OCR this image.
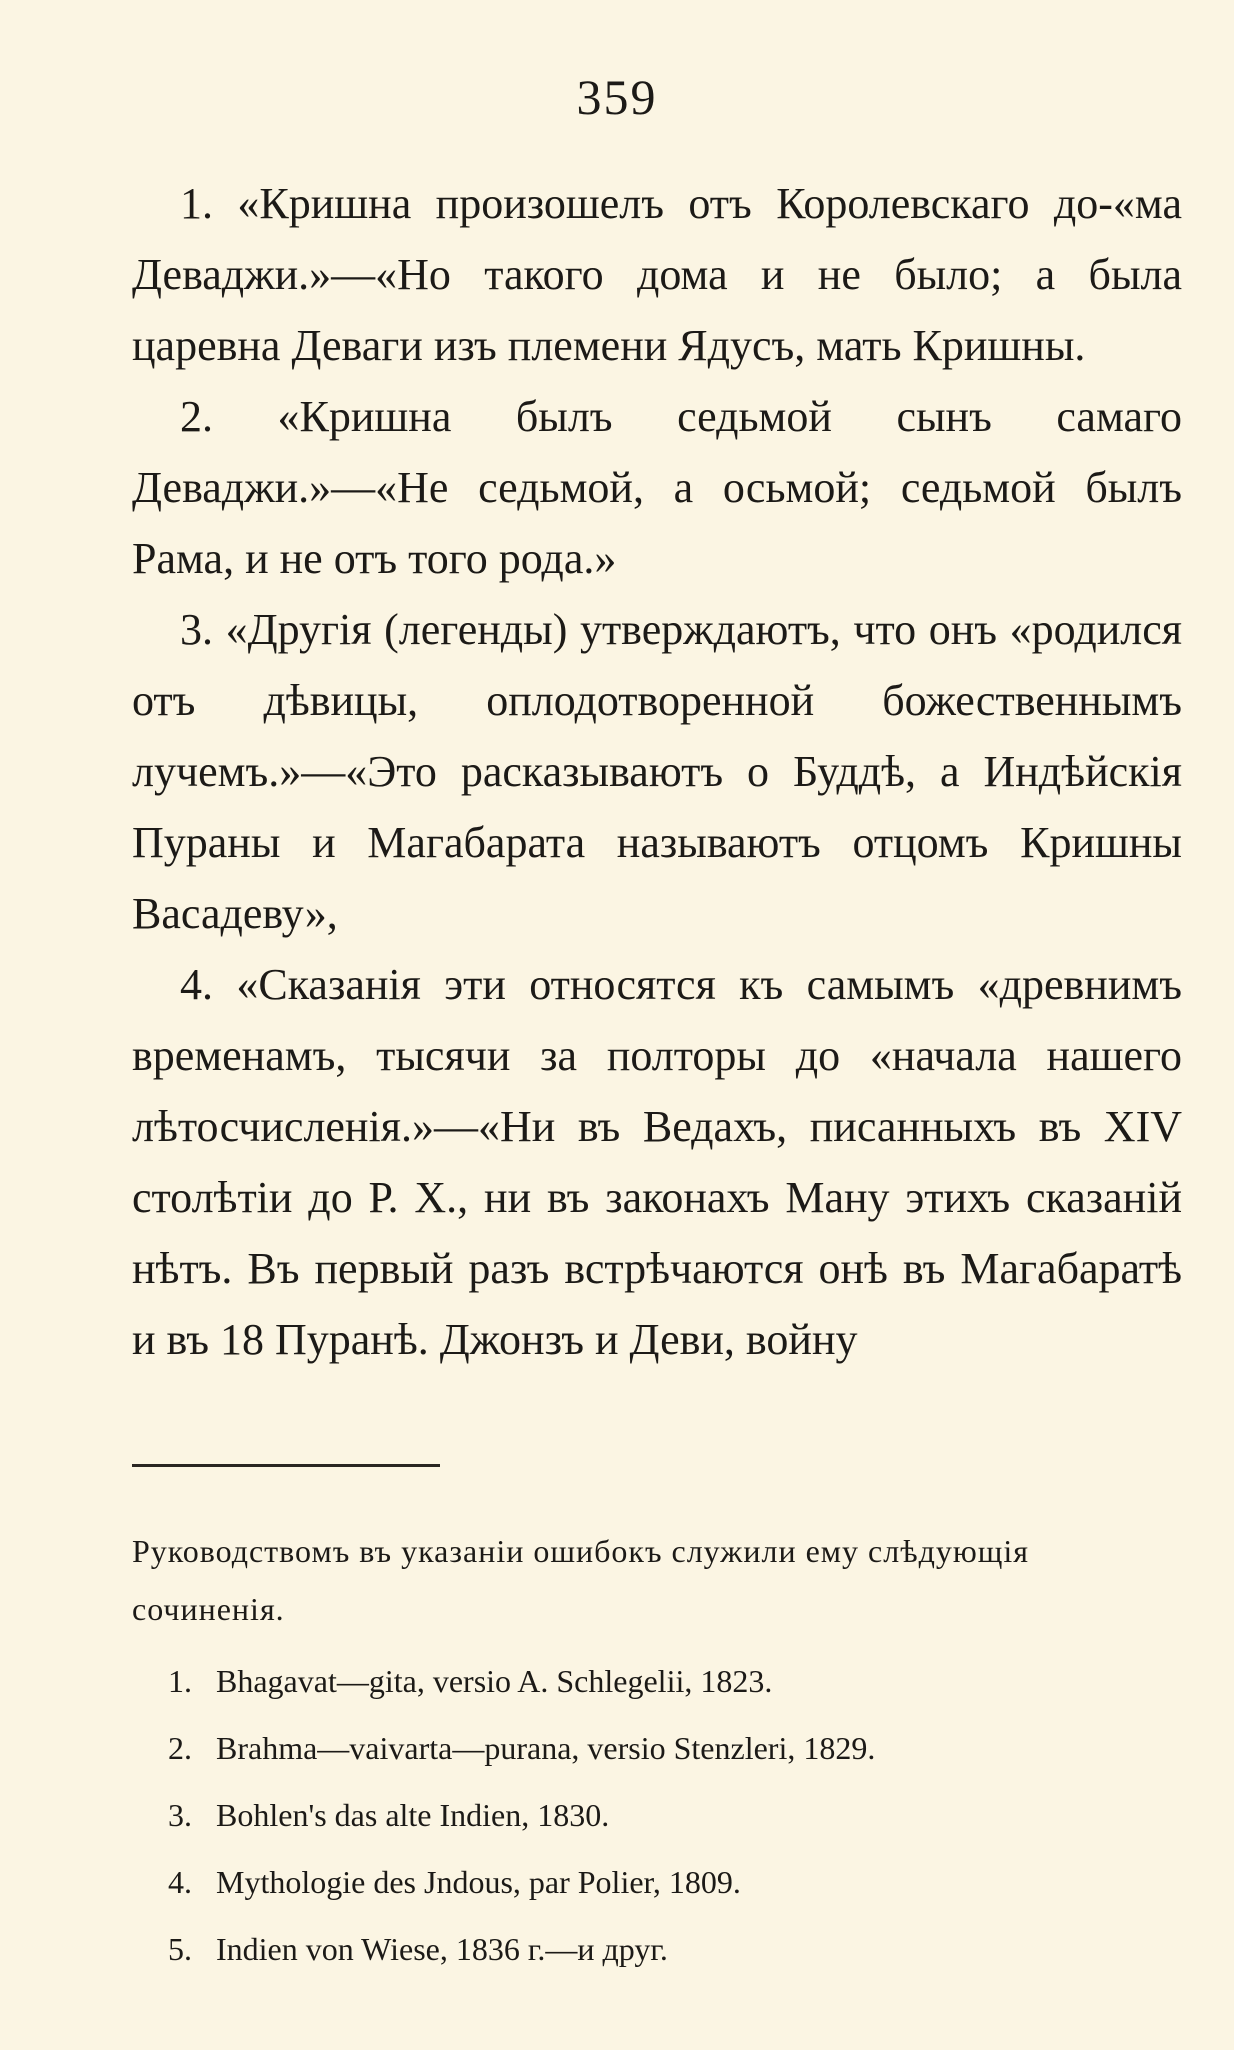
359

1. «Кришна произошелъ отъ Королевскаго до-«ма Деваджи.»—«Но такого дома и не было; а была царевна Деваги изъ племени Ядусъ, мать Кришны.

2. «Кришна былъ седьмой сынъ самаго Деваджи.»—«Не седьмой, а осьмой; седьмой былъ Рама, и не отъ того рода.»

3. «Другія (легенды) утверждаютъ, что онъ «родился отъ дѣвицы, оплодотворенной божественнымъ лучемъ.»—«Это расказываютъ о Буддѣ, а Индѣйскія Пураны и Магабарата называютъ отцомъ Кришны Васадеву»,

4. «Сказанія эти относятся къ самымъ «древнимъ временамъ, тысячи за полторы до «начала нашего лѣтосчисленія.»—«Ни въ Ведахъ, писанныхъ въ XIV столѣтіи до Р. Х., ни въ законахъ Ману этихъ сказаній нѣтъ. Въ первый разъ встрѣчаются онѣ въ Магабаратѣ и въ 18 Пуранѣ. Джонзъ и Деви, войну

Руководствомъ въ указаніи ошибокъ служили ему слѣдующія сочиненія.

1. Bhagavat—gita, versio A. Schlegelii, 1823.
2. Brahma—vaivarta—purana, versio Stenzleri, 1829.
3. Bohlen's das alte Indien, 1830.
4. Mythologie des Jndous, par Polier, 1809.
5. Indien von Wiese, 1836 г.—и друг.
